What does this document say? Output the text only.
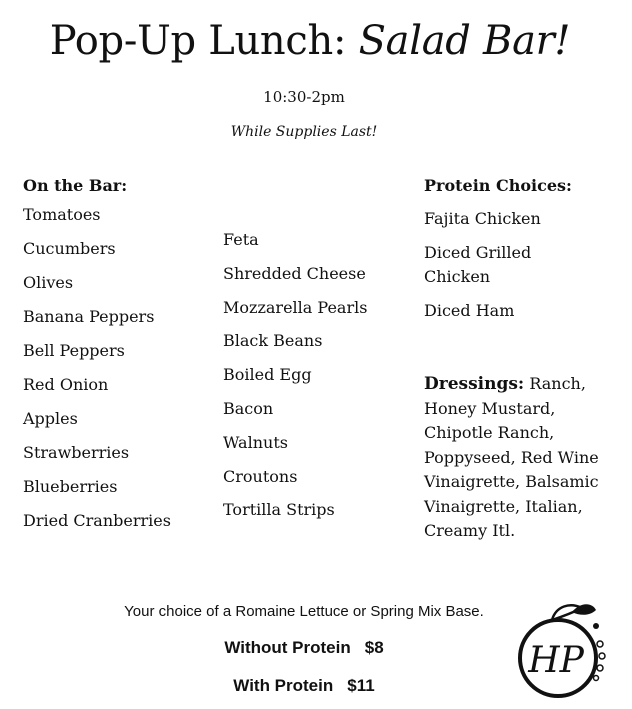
Pop-Up Lunch: Salad Bar!
10:30-2pm
While Supplies Last!
On the Bar:
Tomatoes
Cucumbers
Olives
Banana Peppers
Bell Peppers
Red Onion
Apples
Strawberries
Blueberries
Dried Cranberries
Feta
Shredded Cheese
Mozzarella Pearls
Black Beans
Boiled Egg
Bacon
Walnuts
Croutons
Tortilla Strips
Protein Choices:
Fajita Chicken
Diced Grilled Chicken
Diced Ham
Dressings: Ranch, Honey Mustard, Chipotle Ranch, Poppyseed, Red Wine Vinaigrette, Balsamic Vinaigrette, Italian, Creamy Itl.
Your choice of a Romaine Lettuce or Spring Mix Base.
Without Protein $8
With Protein $11
HP
